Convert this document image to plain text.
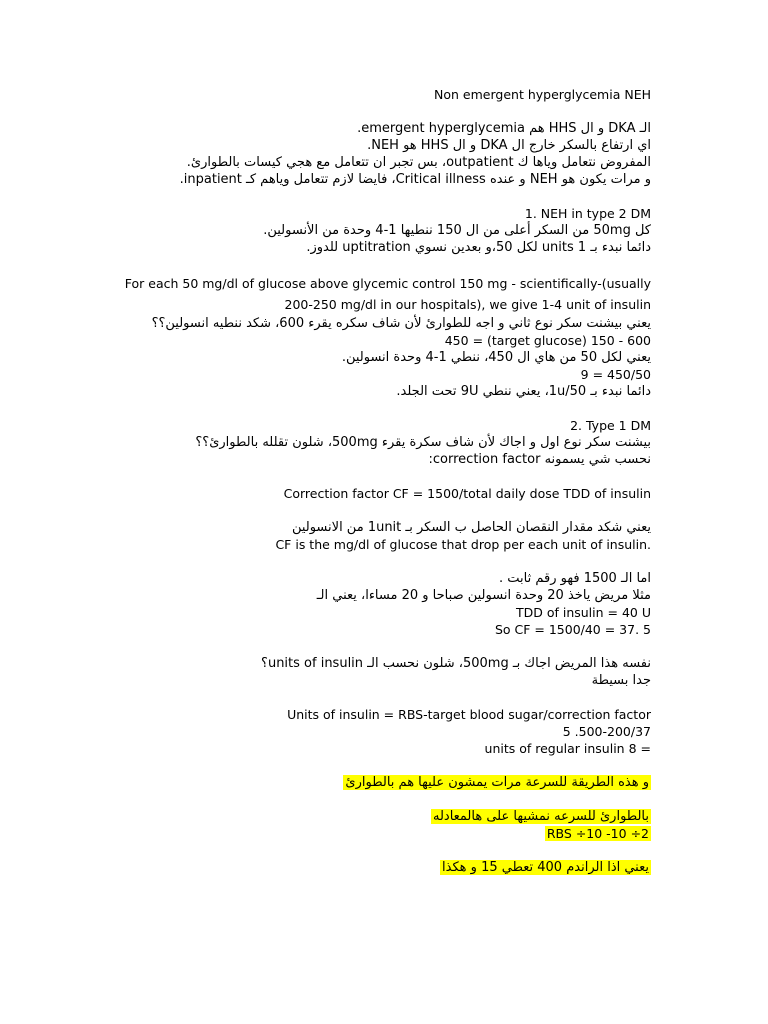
Non emergent hyperglycemia NEH
الـ DKA و ال HHS هم emergent hyperglycemia.
اي ارتفاع بالسكر خارج ال DKA و ال HHS هو NEH.
المفروض نتعامل وياها ك outpatient، بس تجبر ان تتعامل مع هجي كيسات بالطوارئ.
و مرات يكون هو NEH و عنده Critical illness، فايضا لازم تتعامل وياهم كـ inpatient.
1. NEH in type 2 DM
كل 50mg من السكر أعلى من ال 150 ننطيها 1-4 وحدة من الأنسولين.
دائما نبدء بـ 1 units لكل 50،و بعدين نسوي uptitration للدوز.
For each 50 mg/dl of glucose above glycemic control 150 mg - scientifically-(usually 200-250 mg/dl in our hospitals), we give 1-4 unit of insulin
يعني بيشنت سكر نوع ثاني و اجه للطوارئ لأن شاف سكره يقرء 600، شكد ننطيه انسولين؟؟
600 - 150 (target glucose) = 450
يعني لكل 50 من هاي ال 450، ننطي 1-4 وحدة انسولين.
450/50 = 9
دائما نبدء بـ 1u/50، يعني ننطي 9U تحت الجلد.
2. Type 1 DM
بيشنت سكر نوع اول و اجاك لأن شاف سكرة يقرء 500mg، شلون تقلله بالطوارئ؟؟
نحسب شي يسمونه correction factor:
Correction factor CF = 1500/total daily dose TDD of insulin
يعني شكد مقدار النقصان الحاصل ب السكر بـ 1unit من الانسولين
CF is the mg/dl of glucose that drop per each unit of insulin.
اما الـ 1500 فهو رقم ثابت .
مثلا مريض ياخذ 20 وحدة انسولين صباحا و 20 مساءا، يعني الـ
TDD of insulin = 40 U
So CF = 1500/40 = 37. 5
نفسه هذا المريض اجاك بـ 500mg، شلون نحسب الـ units of insulin؟
جدا بسيطة
Units of insulin = RBS-target blood sugar/correction factor
500-200/37. 5
= 8 units of regular insulin
و هذه الطريقة للسرعة مرات يمشون عليها هم بالطوارئ
بالطوارئ للسرعه نمشيها على هالمعادله
RBS ÷10 -10 ÷2
يعني اذا الراندم 400 تعطي 15 و هكذا
